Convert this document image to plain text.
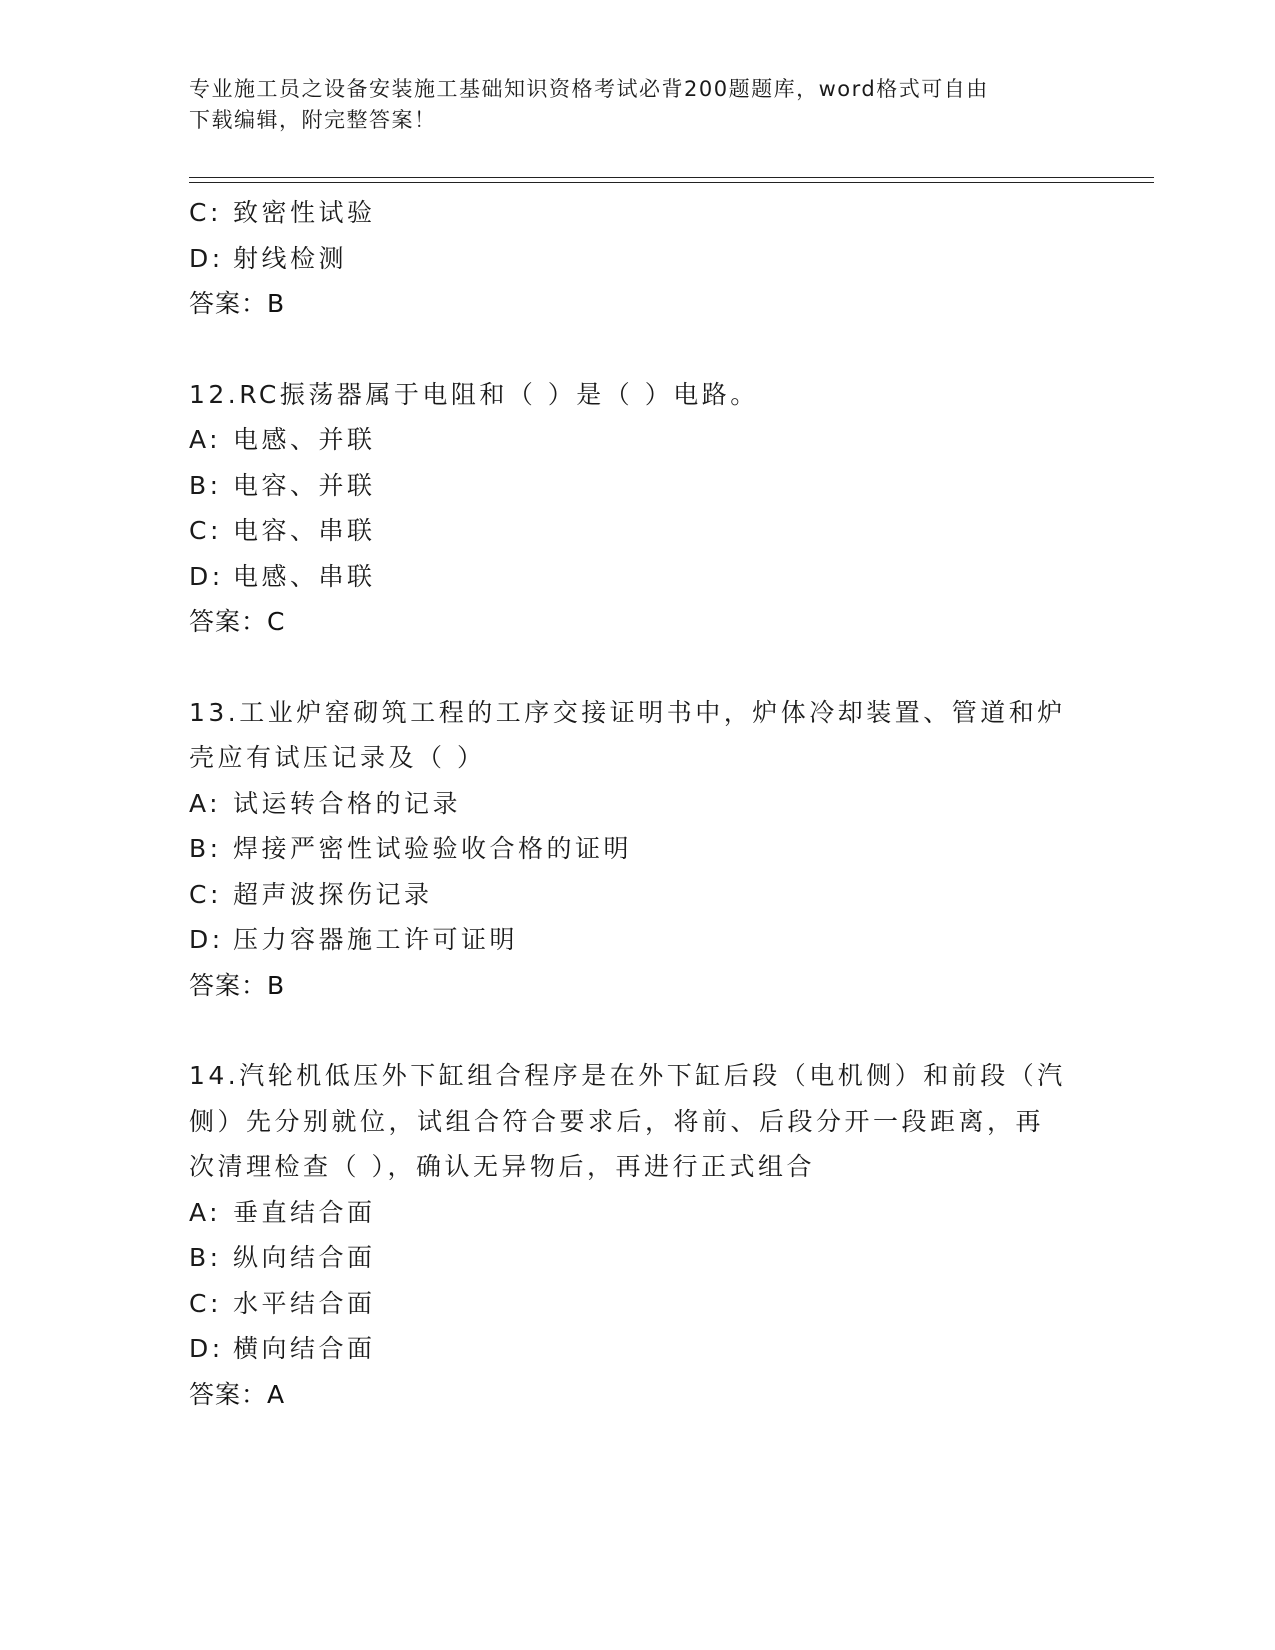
专业施工员之设备安装施工基础知识资格考试必背200题题库，word格式可自由
下载编辑，附完整答案！
C: 致密性试验
D: 射线检测
答案：B
12.RC振荡器属于电阻和（ ）是（ ）电路。
A: 电感、并联
B: 电容、并联
C: 电容、串联
D: 电感、串联
答案：C
13.工业炉窑砌筑工程的工序交接证明书中，炉体冷却装置、管道和炉
壳应有试压记录及（ ）
A: 试运转合格的记录
B: 焊接严密性试验验收合格的证明
C: 超声波探伤记录
D: 压力容器施工许可证明
答案：B
14.汽轮机低压外下缸组合程序是在外下缸后段（电机侧）和前段（汽
侧）先分别就位，试组合符合要求后，将前、后段分开一段距离，再
次清理检查（ ），确认无异物后，再进行正式组合
A: 垂直结合面
B: 纵向结合面
C: 水平结合面
D: 横向结合面
答案：A
